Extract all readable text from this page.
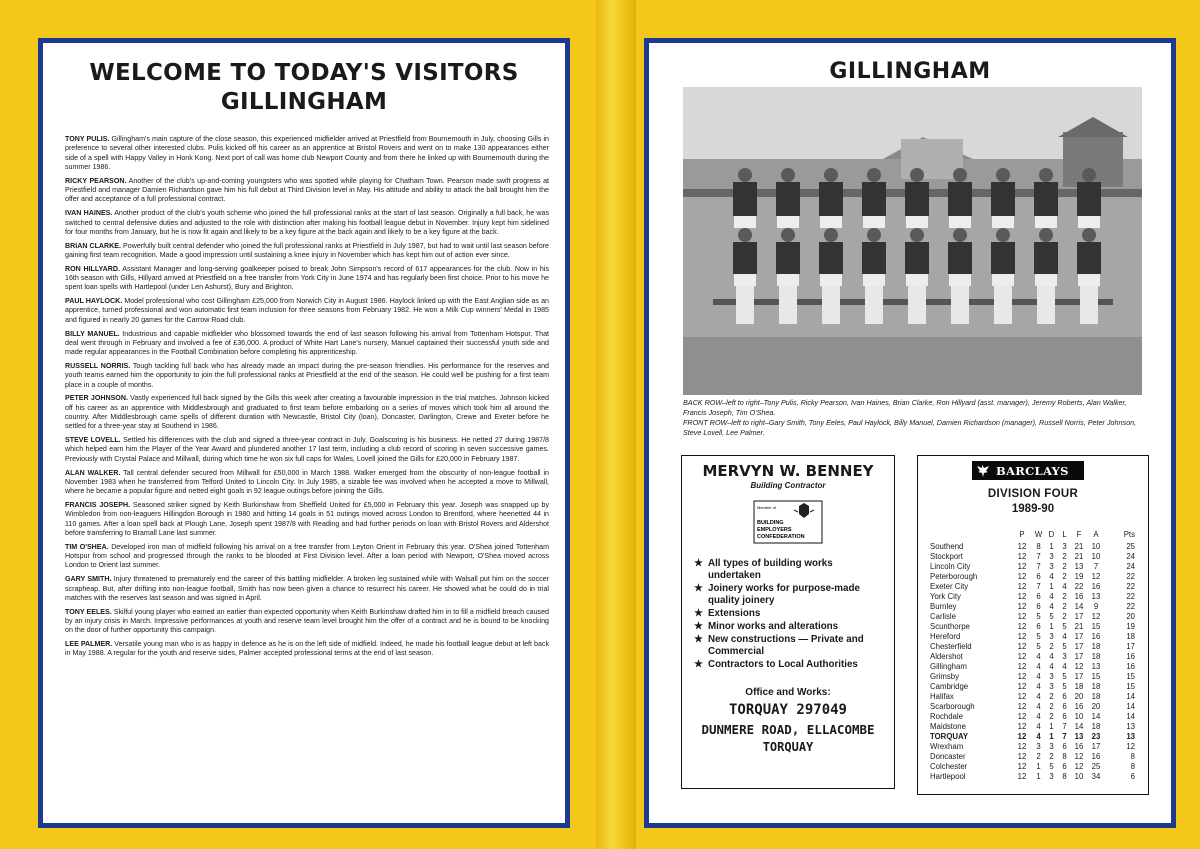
WELCOME TO TODAY'S VISITORS
GILLINGHAM

TONY PULIS. Gillingham's main capture of the close season, this experienced midfielder arrived at Priestfield from Bournemouth in July, choosing Gills in preference to several other interested clubs. Pulis kicked off his career as an apprentice at Bristol Rovers and went on to make 130 appearances either side of a spell with Happy Valley in Honk Kong. Next port of call was home club Newport County and from there he linked up with Bournemouth during the summer 1986.

RICKY PEARSON. Another of the club's up-and-coming youngsters who was spotted while playing for Chatham Town. Pearson made swift progress at Priestfield and manager Damien Richardson gave him his full debut at Third Division level in May. His attitude and ability to attack the ball brought him the offer and acceptance of a full professional contract.

IVAN HAINES. Another product of the club's youth scheme who joined the full professional ranks at the start of last season. Originally a full back, he was switched to central defensive duties and adjusted to the role with distinction after making his football league debut in November. Injury kept him sidelined for four months from January, but he is now fit again and likely to be a key figure at the back again and likely to be a key figure at the back.

BRIAN CLARKE. Powerfully built central defender who joined the full professional ranks at Priestfield in July 1987, but had to wait until last season before gaining first team recognition. Made a good impression until sustaining a knee injury in November which has kept him out of action ever since.

RON HILLYARD. Assistant Manager and long-serving goalkeeper poised to break John Simpson's record of 617 appearances for the club. Now in his 16th season with Gills, Hillyard arrived at Priestfield on a free transfer from York City in June 1974 and has regularly been first choice. Prior to his move he spent loan spells with Hartlepool (under Len Ashurst), Bury and Brighton.

PAUL HAYLOCK. Model professional who cost Gillingham £25,000 from Norwich City in August 1986. Haylock linked up with the East Anglian side as an apprentice, turned professional and won automatic first team inclusion for three seasons from February 1982. He won a Milk Cup winners' Medal in 1985 and figured in nearly 20 games for the Carrow Road club.

BILLY MANUEL. Industrious and capable midfielder who blossomed towards the end of last season following his arrival from Tottenham Hotspur. That deal went through in February and involved a fee of £36,000. A product of White Hart Lane's nursery, Manuel captained their successful youth side and made regular appearances in the Football Combination before completing his apprenticeship.

RUSSELL NORRIS. Tough tackling full back who has already made an impact during the pre-season friendlies. His performance for the reserves and youth teams earned him the opportunity to join the full professional ranks at Priestfield at the end of the season. He could well be pushing for a first team place in a couple of months.

PETER JOHNSON. Vastly experienced full back signed by the Gills this week after creating a favourable impression in the trial matches. Johnson kicked off his career as an apprentice with Middlesbrough and graduated to first team before embarking on a series of moves which took him all around the country. After Middlesbrough came spells of different duration with Newcastle, Bristol City (loan), Doncaster, Darlington, Crewe and Exeter before he settled for a three-year stay at Southend in 1986.

STEVE LOVELL. Settled his differences with the club and signed a three-year contract in July. Goalscoring is his business. He netted 27 during 1987/8 which helped earn him the Player of the Year Award and plundered another 17 last term, including a club record of scoring in seven successive games. Previously with Crystal Palace and Millwall, during which time he won six full caps for Wales, Lovell joined the Gills for £20,000 in February 1987.

ALAN WALKER. Tall central defender secured from Millwall for £50,000 in March 1988. Walker emerged from the obscurity of non-league football in November 1983 when he transferred from Telford United to Lincoln City. In July 1985, a sizable fee was involved when he accepted a move to Millwall, where he became a popular figure and netted eight goals in 92 league outings before joining the Gills.

FRANCIS JOSEPH. Seasoned striker signed by Keith Burkinshaw from Sheffield United for £5,000 in February this year. Joseph was snapped up by Wimbledon from non-leaguers Hillingdon Borough in 1980 and hitting 14 goals in 51 outings moved across London to Brentford, where heenetted 44 in 110 games. After a loan spell back at Plough Lane, Joseph spent 1987/8 with Reading and had further periods on loan with Bristol Rovers and Aldershot before transferring to Bramall Lane last summer.

TIM O'SHEA. Developed iron man of midfield following his arrival on a free transfer from Leyton Orient in February this year. O'Shea joined Tottenham Hotspur from school and progressed through the ranks to be blooded at First Division level. After a loan period with Newport, O'Shea moved across London to Orient last summer.

GARY SMITH. Injury threatened to prematurely end the career of this battling midfielder. A broken leg sustained while with Walsall put him on the soccer scrapheap. But, after drifting into non-league football, Smith has now been given a chance to resurrect his career. He showed what he could do in trial matches with the reserves last season and was signed in April.

TONY EELES. Skilful young player who earned an earlier than expected opportunity when Keith Burkinshaw drafted him in to fill a midfield breach caused by an injury crisis in March. Impressive performances at youth and reserve team level brought him the offer of a contract and he is bound to be knocking on the door of further opportunity this campaign.

LEE PALMER. Versatile young man who is as happy in defence as he is on the left side of midfield. Indeed, he made his football league debut at left back in May 1988. A regular for the youth and reserve sides, Palmer accepted professional terms at the end of last season.

GILLINGHAM
BACK ROW–left to right–Tony Pulis, Ricky Pearson, Ivan Haines, Brian Clarke, Ron Hillyard (asst. manager), Jeremy Roberts, Alan Walker, Francis Joseph, Tim O'Shea.
FRONT ROW–left to right–Gary Smith, Tony Eeles, Paul Haylock, Billy Manuel, Damien Richardson (manager), Russell Norris, Peter Johnson, Steve Lovell, Lee Palmer.
MERVYN W. BENNEY
Building Contractor
Member of
BUILDING
EMPLOYERS
CONFEDERATION
★ All types of building works undertaken
★ Joinery works for purpose-made quality joinery
★ Extensions
★ Minor works and alterations
★ New constructions — Private and Commercial
★ Contractors to Local Authorities
Office and Works:
TORQUAY 297049
DUNMERE ROAD, ELLACOMBE
TORQUAY
BARCLAYS
DIVISION FOUR
1989-90
P	W D	L	F	A	Pts
Southend	12	8	1	3	21	10	25
Stockport	12	7	3	2	21	10	24
Lincoln City	12	7	3	2	13	7	24
Peterborough	12	6	4	2	19	12	22
Exeter City	12	7	1	4	22	16	22
York City	12	6	4	2	16	13	22
Burnley	12	6	4	2	14	9	22
Carlisle	12	5	5	2	17	12	20
Scunthorpe	12	6	1	5	21	15	19
Hereford	12	5	3	4	17	16	18
Chesterfield	12	5	2	5	17	18	17
Aldershot	12	4	4	3	17	18	16
Gillingham	12	4	4	4	12	13	16
Grimsby	12	4	3	5	17	15	15
Cambridge	12	4	3	5	18	18	15
Halifax	12	4	2	6	20	18	14
Scarborough	12	4	2	6	16	20	14
Rochdale	12	4	2	6	10	14	14
Maidstone	12	4	1	7	14	18	13
TORQUAY	12	4	1	7	13	23	13
Wrexham	12	3	3	6	16	17	12
Doncaster	12	2	2	8	12	16	8
Colchester	12	1	5	6	12	25	8
Hartlepool	12	1	3	8	10	34	6
